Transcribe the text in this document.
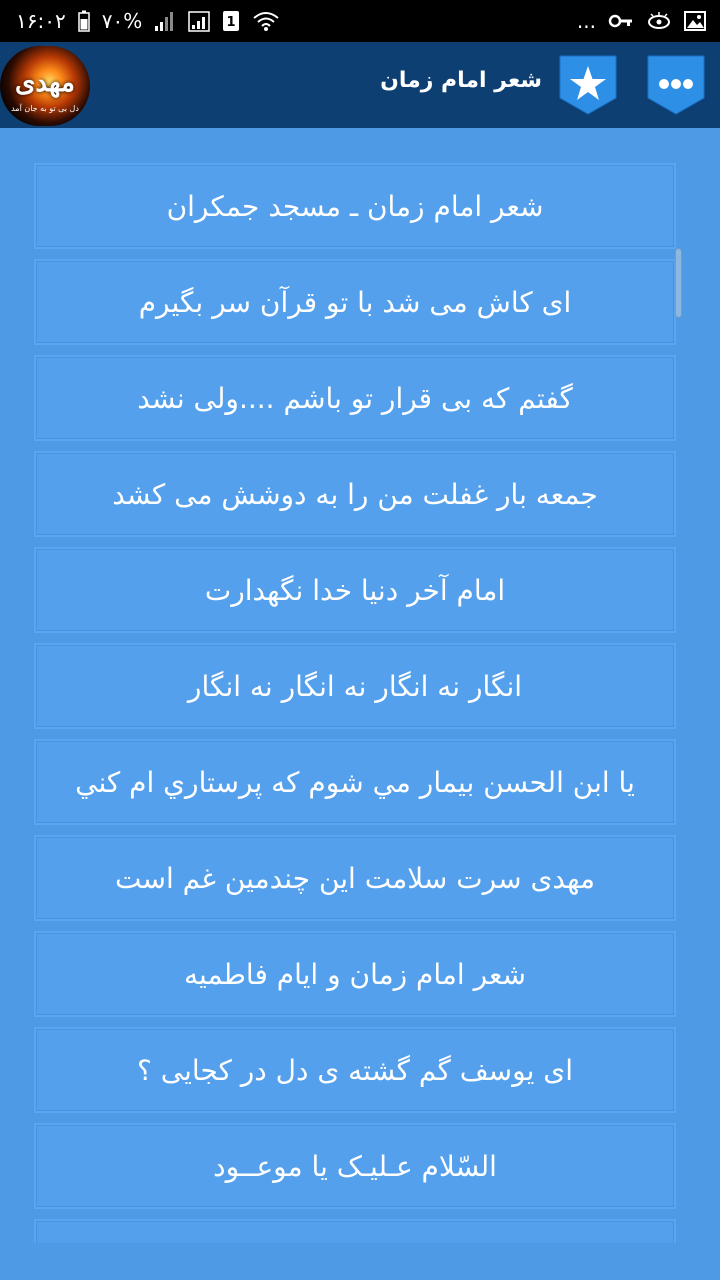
۱۶:۰۲ ۷۰%	1	...
مهدی
دل بی تو به جان آمد
شعر امام زمان
شعر امام زمان ـ مسجد جمکران
ای کاش می شد با تو قرآن سر بگیرم
گفتم که بی قرار تو باشم ....ولی نشد
جمعه بار غفلت من را به دوشش می کشد
امام آخر دنیا خدا نگهدارت
انگار نه انگار نه انگار نه انگار
يا ابن الحسن بيمار مي شوم كه پرستاري ام كني
مهدی سرت سلامت این چندمین غم است
شعر امام زمان و ایام فاطمیه
ای یوسف گم گشته ی دل در کجایی ؟
السّلام عـلیـک یا موعــود
